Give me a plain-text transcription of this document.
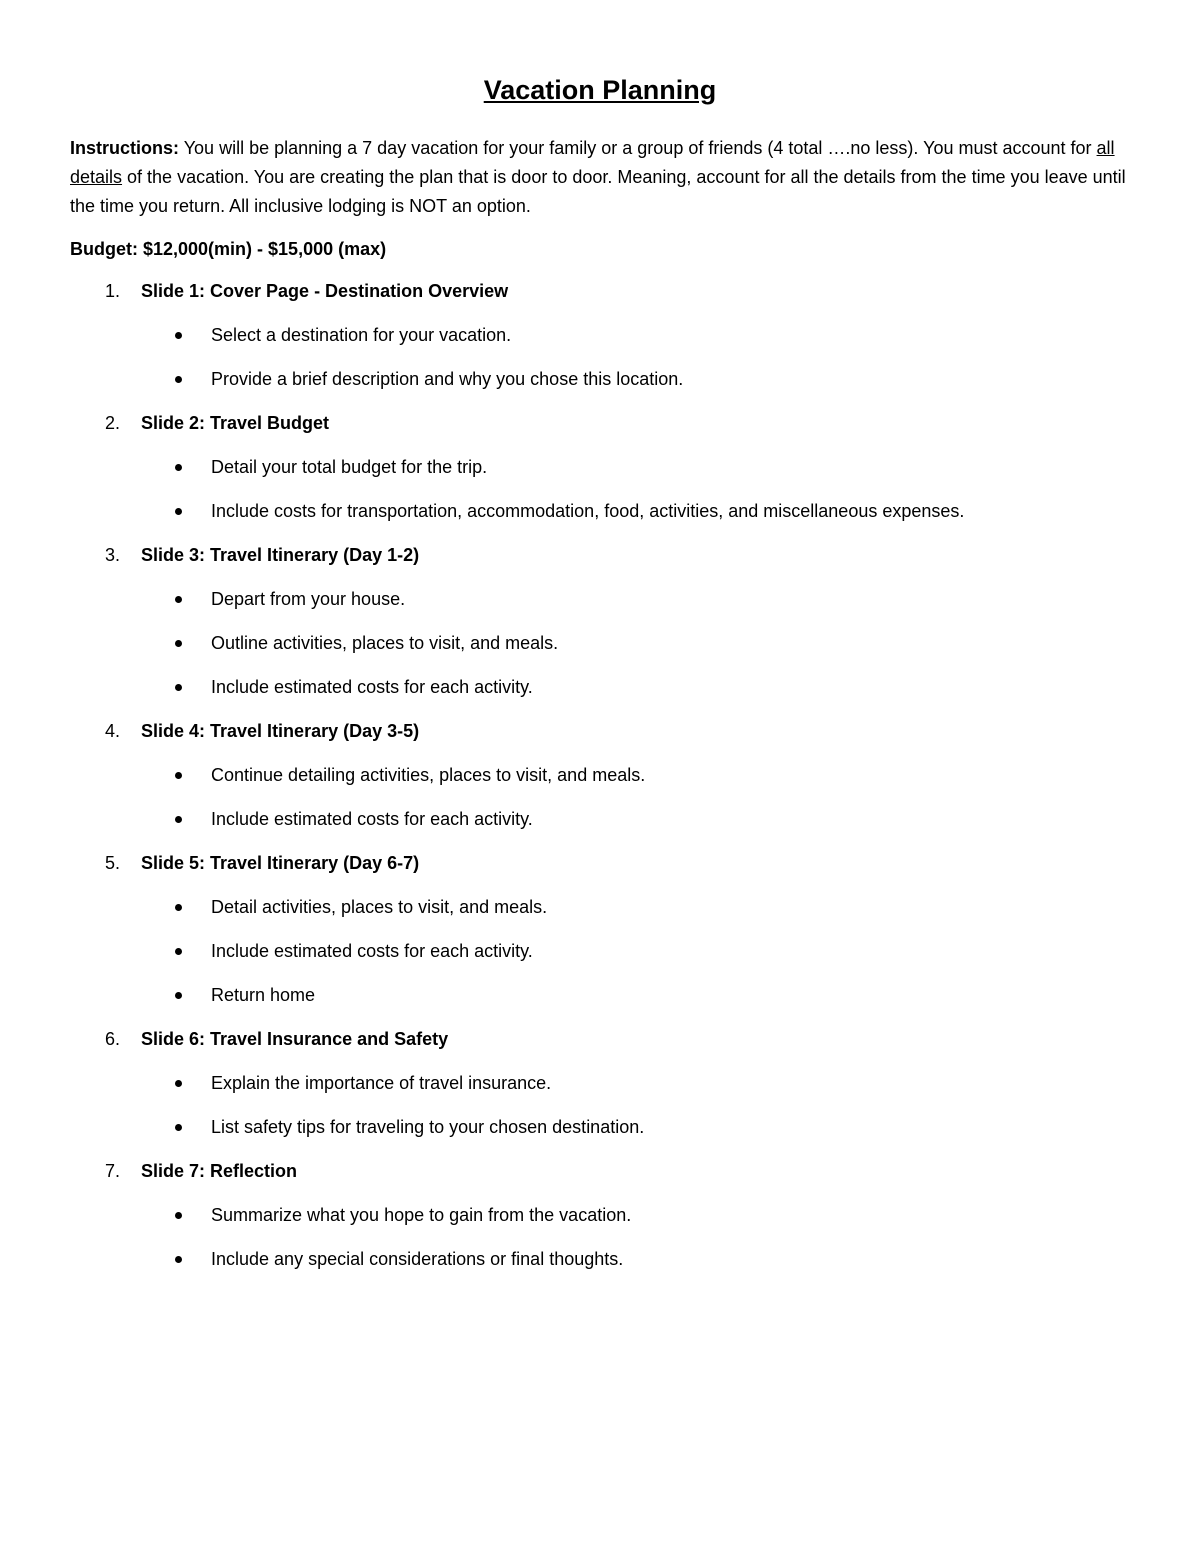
Vacation Planning

Instructions: You will be planning a 7 day vacation for your family or a group of friends (4 total ….no less). You must account for all details of the vacation. You are creating the plan that is door to door. Meaning, account for all the details from the time you leave until the time you return. All inclusive lodging is NOT an option.

Budget: $12,000(min) - $15,000 (max)
1. Slide 1: Cover Page - Destination Overview
Select a destination for your vacation.
Provide a brief description and why you chose this location.
2. Slide 2: Travel Budget
Detail your total budget for the trip.
Include costs for transportation, accommodation, food, activities, and miscellaneous expenses.
3. Slide 3: Travel Itinerary (Day 1-2)
Depart from your house.
Outline activities, places to visit, and meals.
Include estimated costs for each activity.
4. Slide 4: Travel Itinerary (Day 3-5)
Continue detailing activities, places to visit, and meals.
Include estimated costs for each activity.
5. Slide 5: Travel Itinerary (Day 6-7)
Detail activities, places to visit, and meals.
Include estimated costs for each activity.
Return home
6. Slide 6: Travel Insurance and Safety
Explain the importance of travel insurance.
List safety tips for traveling to your chosen destination.
7. Slide 7: Reflection
Summarize what you hope to gain from the vacation.
Include any special considerations or final thoughts.
